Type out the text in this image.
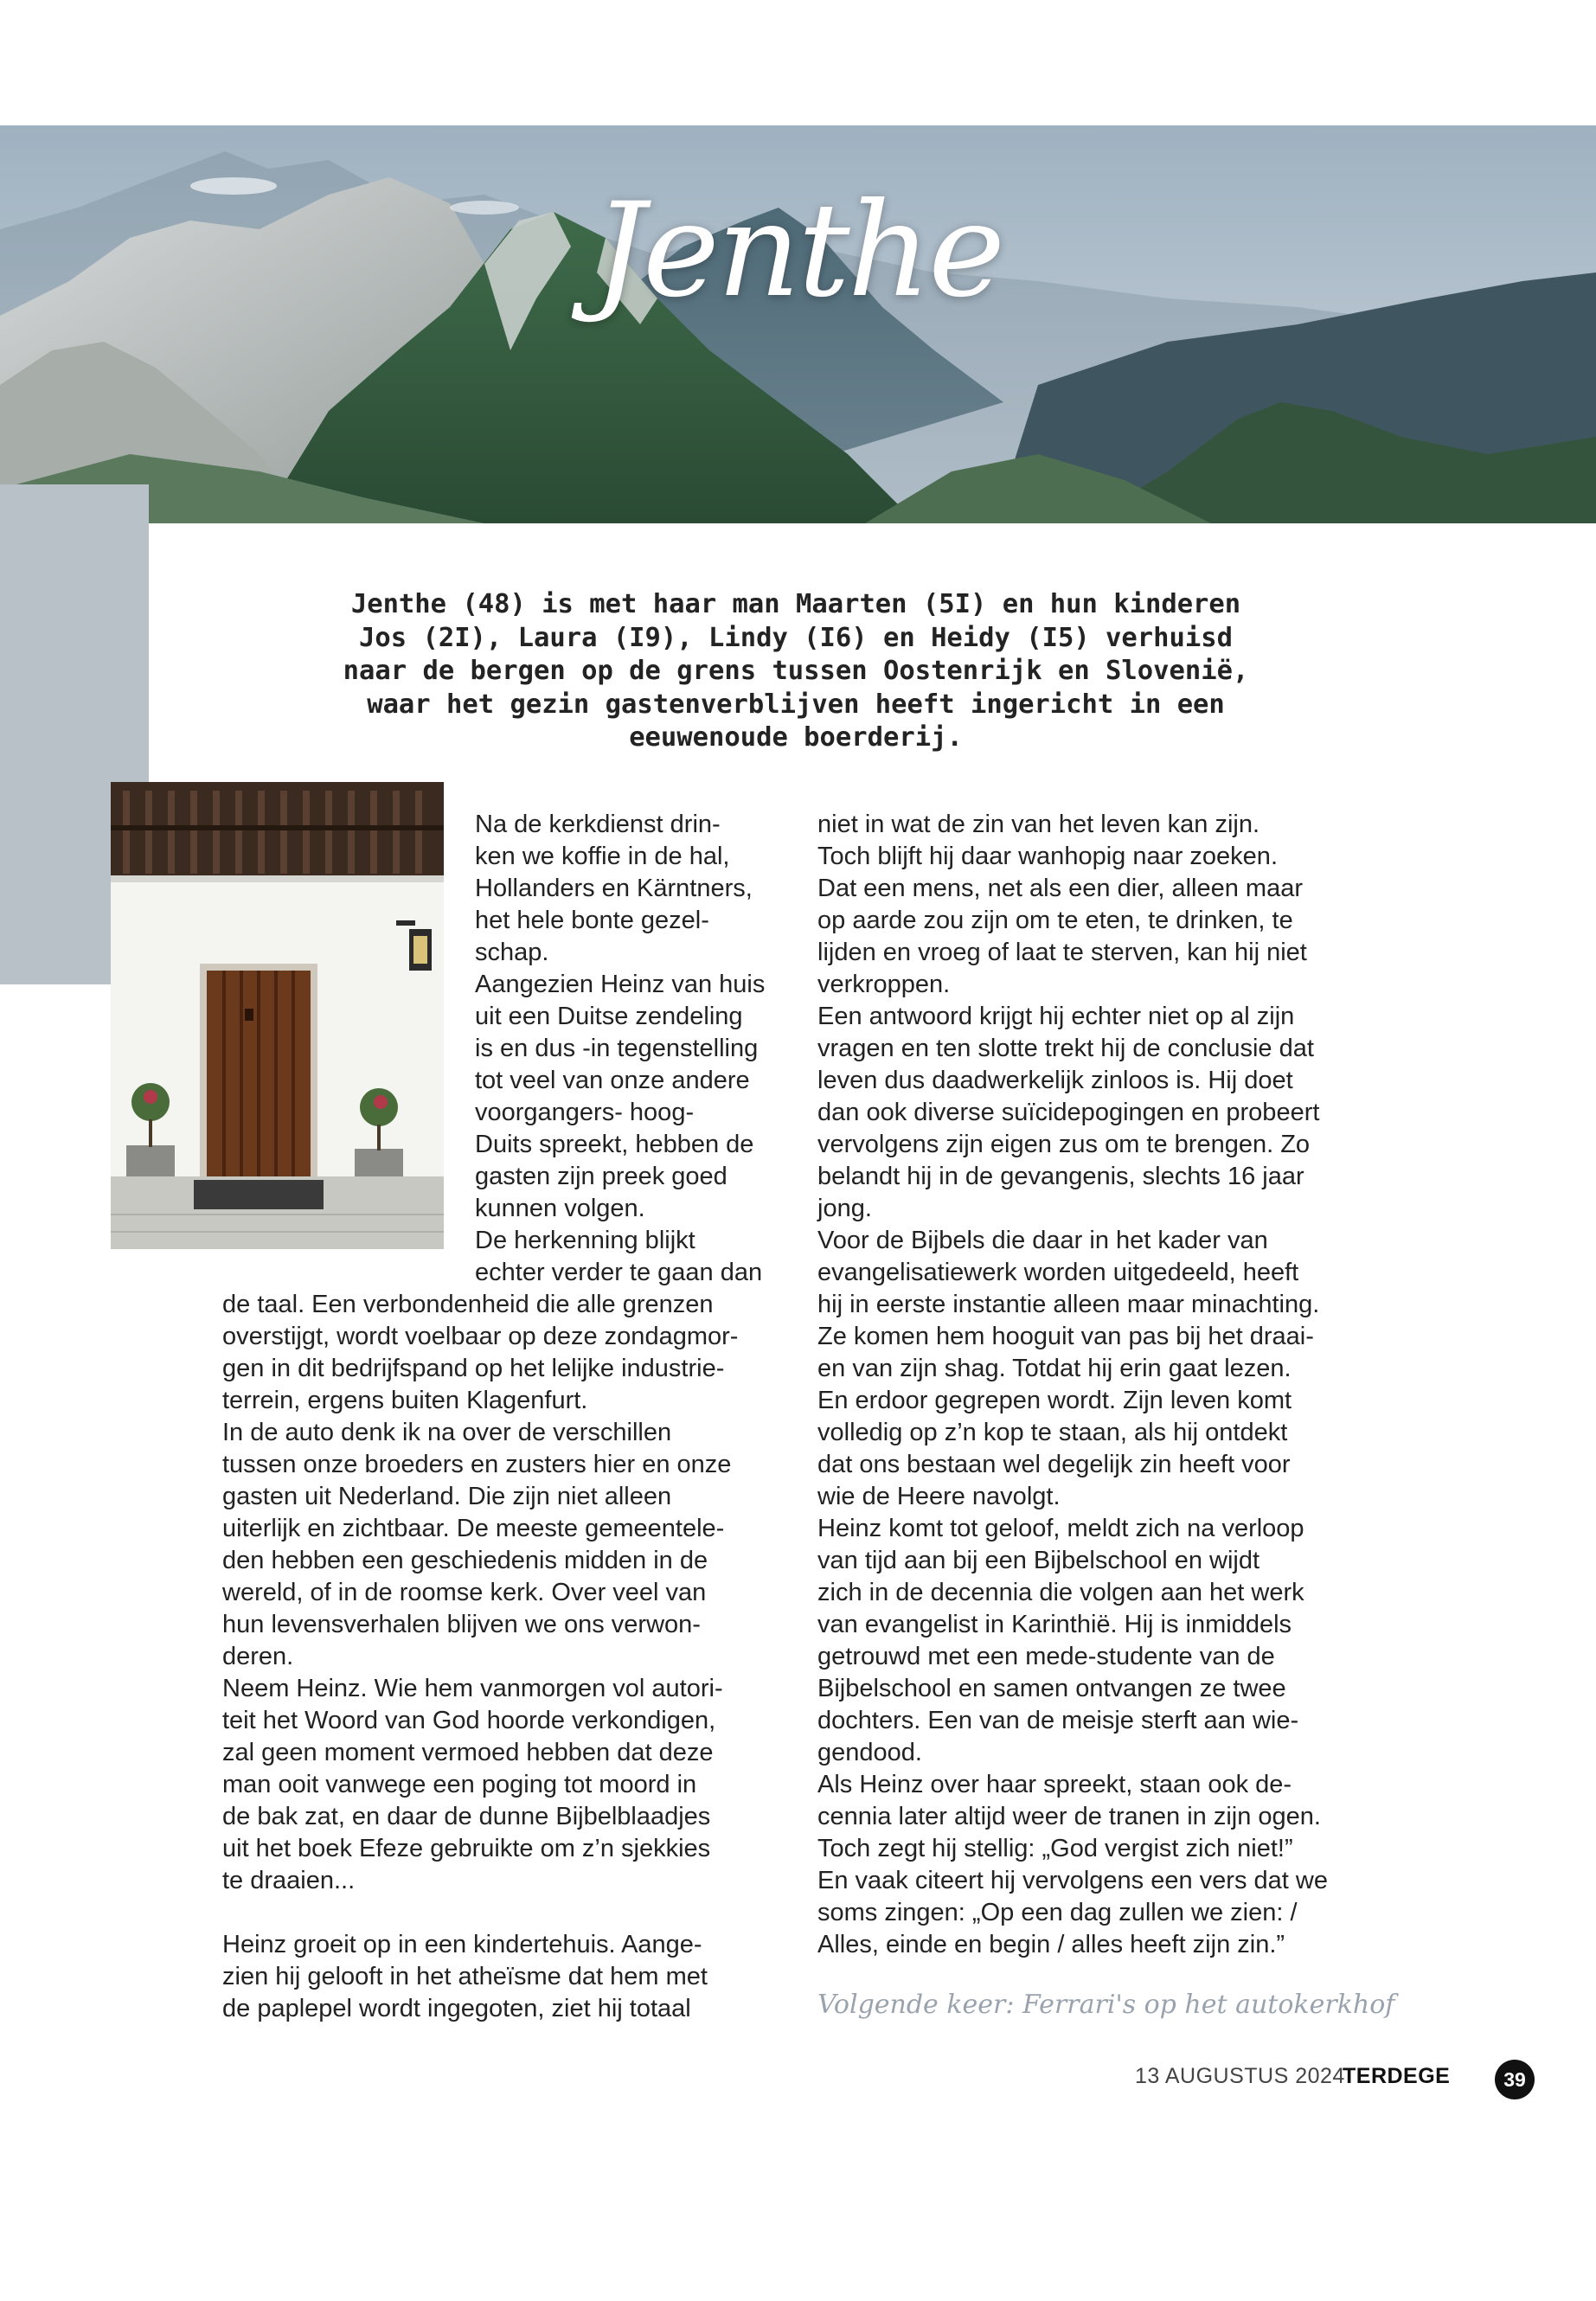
Jenthe
Jenthe (48) is met haar man Maarten (5I) en hun kinderen
Jos (2I), Laura (I9), Lindy (I6) en Heidy (I5) verhuisd
naar de bergen op de grens tussen Oostenrijk en Slovenië,
waar het gezin gastenverblijven heeft ingericht in een
eeuwenoude boerderij.
Na de kerkdienst drin-
ken we koffie in de hal,
Hollanders en Kärntners,
het hele bonte gezel-
schap.
Aangezien Heinz van huis
uit een Duitse zendeling
is en dus -in tegenstelling
tot veel van onze andere
voorgangers- hoog-
Duits spreekt, hebben de
gasten zijn preek goed
kunnen volgen.
De herkenning blijkt
echter verder te gaan dan
de taal. Een verbondenheid die alle grenzen
overstijgt, wordt voelbaar op deze zondagmor-
gen in dit bedrijfspand op het lelijke industrie-
terrein, ergens buiten Klagenfurt.
In de auto denk ik na over de verschillen
tussen onze broeders en zusters hier en onze
gasten uit Nederland. Die zijn niet alleen
uiterlijk en zichtbaar. De meeste gemeentele-
den hebben een geschiedenis midden in de
wereld, of in de roomse kerk. Over veel van
hun levensverhalen blijven we ons verwon-
deren.
Neem Heinz. Wie hem vanmorgen vol autori-
teit het Woord van God hoorde verkondigen,
zal geen moment vermoed hebben dat deze
man ooit vanwege een poging tot moord in
de bak zat, en daar de dunne Bijbelblaadjes
uit het boek Efeze gebruikte om z’n sjekkies
te draaien...
Heinz groeit op in een kindertehuis. Aange-
zien hij gelooft in het atheïsme dat hem met
de paplepel wordt ingegoten, ziet hij totaal
niet in wat de zin van het leven kan zijn.
Toch blijft hij daar wanhopig naar zoeken.
Dat een mens, net als een dier, alleen maar
op aarde zou zijn om te eten, te drinken, te
lijden en vroeg of laat te sterven, kan hij niet
verkroppen.
Een antwoord krijgt hij echter niet op al zijn
vragen en ten slotte trekt hij de conclusie dat
leven dus daadwerkelijk zinloos is. Hij doet
dan ook diverse suïcidepogingen en probeert
vervolgens zijn eigen zus om te brengen. Zo
belandt hij in de gevangenis, slechts 16 jaar
jong.
Voor de Bijbels die daar in het kader van
evangelisatiewerk worden uitgedeeld, heeft
hij in eerste instantie alleen maar minachting.
Ze komen hem hooguit van pas bij het draai-
en van zijn shag. Totdat hij erin gaat lezen.
En erdoor gegrepen wordt. Zijn leven komt
volledig op z’n kop te staan, als hij ontdekt
dat ons bestaan wel degelijk zin heeft voor
wie de Heere navolgt.
Heinz komt tot geloof, meldt zich na verloop
van tijd aan bij een Bijbelschool en wijdt
zich in de decennia die volgen aan het werk
van evangelist in Karinthië. Hij is inmiddels
getrouwd met een mede-studente van de
Bijbelschool en samen ontvangen ze twee
dochters. Een van de meisje sterft aan wie-
gendood.
Als Heinz over haar spreekt, staan ook de-
cennia later altijd weer de tranen in zijn ogen.
Toch zegt hij stellig: „God vergist zich niet!”
En vaak citeert hij vervolgens een vers dat we
soms zingen: „Op een dag zullen we zien: /
Alles, einde en begin / alles heeft zijn zin.”
Volgende keer: Ferrari's op het autokerkhof
13 AUGUSTUS 2024
TERDEGE	39
